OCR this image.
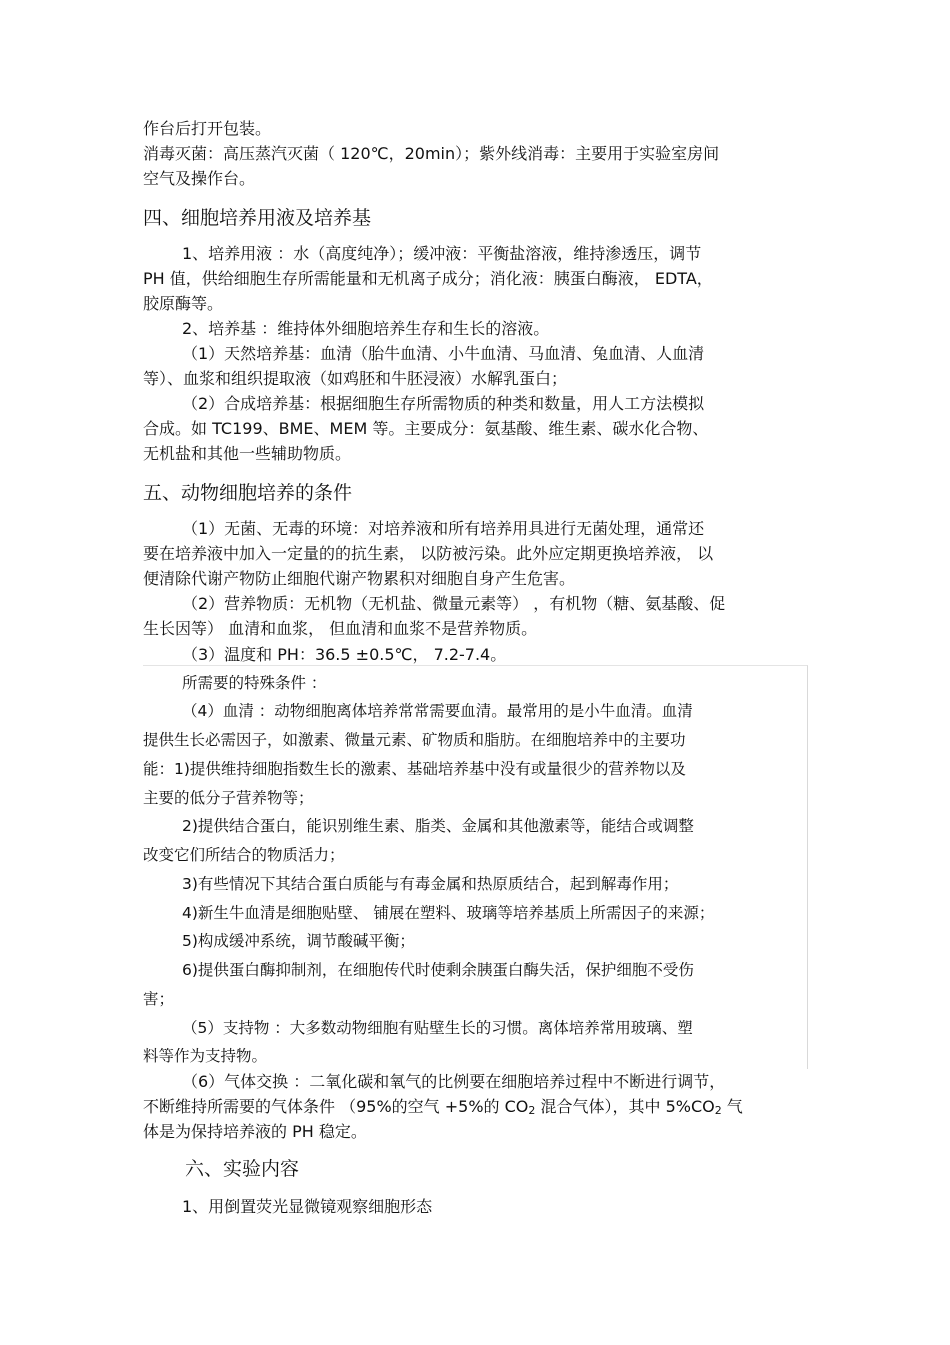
作台后打开包装。

消毒灭菌：高压蒸汽灭菌（ 120℃，20min）；紫外线消毒：主要用于实验室房间

空气及操作台。

四、细胞培养用液及培养基

1、培养用液 ：水（高度纯净）；缓冲液：平衡盐溶液，维持渗透压，调节

PH 值，供给细胞生存所需能量和无机离子成分；消化液：胰蛋白酶液， EDTA，

胶原酶等。

2、培养基 ：维持体外细胞培养生存和生长的溶液。

（1）天然培养基：血清（胎牛血清、小牛血清、马血清、兔血清、人血清

等）、血浆和组织提取液（如鸡胚和牛胚浸液）水解乳蛋白；

（2）合成培养基：根据细胞生存所需物质的种类和数量，用人工方法模拟

合成。如 TC199、BME、MEM 等。主要成分：氨基酸、维生素、碳水化合物、

无机盐和其他一些辅助物质。

五、动物细胞培养的条件

（1）无菌、无毒的环境：对培养液和所有培养用具进行无菌处理，通常还

要在培养液中加入一定量的的抗生素， 以防被污染。此外应定期更换培养液， 以

便清除代谢产物防止细胞代谢产物累积对细胞自身产生危害。

（2）营养物质：无机物（无机盐、微量元素等） ，有机物（糖、氨基酸、促

生长因等） 血清和血浆， 但血清和血浆不是营养物质。

（3）温度和 PH：36.5 ±0.5℃， 7.2-7.4。

所需要的特殊条件 ：

（4）血清 ：动物细胞离体培养常常需要血清。最常用的是小牛血清。血清

提供生长必需因子，如激素、微量元素、矿物质和脂肪。在细胞培养中的主要功

能：1)提供维持细胞指数生长的激素、基础培养基中没有或量很少的营养物以及

主要的低分子营养物等；

2)提供结合蛋白，能识别维生素、脂类、金属和其他激素等，能结合或调整

改变它们所结合的物质活力；

3)有些情况下其结合蛋白质能与有毒金属和热原质结合，起到解毒作用；

4)新生牛血清是细胞贴壁、 铺展在塑料、玻璃等培养基质上所需因子的来源；

5)构成缓冲系统，调节酸碱平衡；

6)提供蛋白酶抑制剂，在细胞传代时使剩余胰蛋白酶失活，保护细胞不受伤

害；

（5）支持物 ：大多数动物细胞有贴壁生长的习惯。离体培养常用玻璃、塑

料等作为支持物。

（6）气体交换 ：二氧化碳和氧气的比例要在细胞培养过程中不断进行调节，

不断维持所需要的气体条件 （95%的空气 +5%的 $CO_2$ 混合气体），其中 $5\%CO_2$ 气

体是为保持培养液的 PH 稳定。

六、实验内容

1、用倒置荧光显微镜观察细胞形态
